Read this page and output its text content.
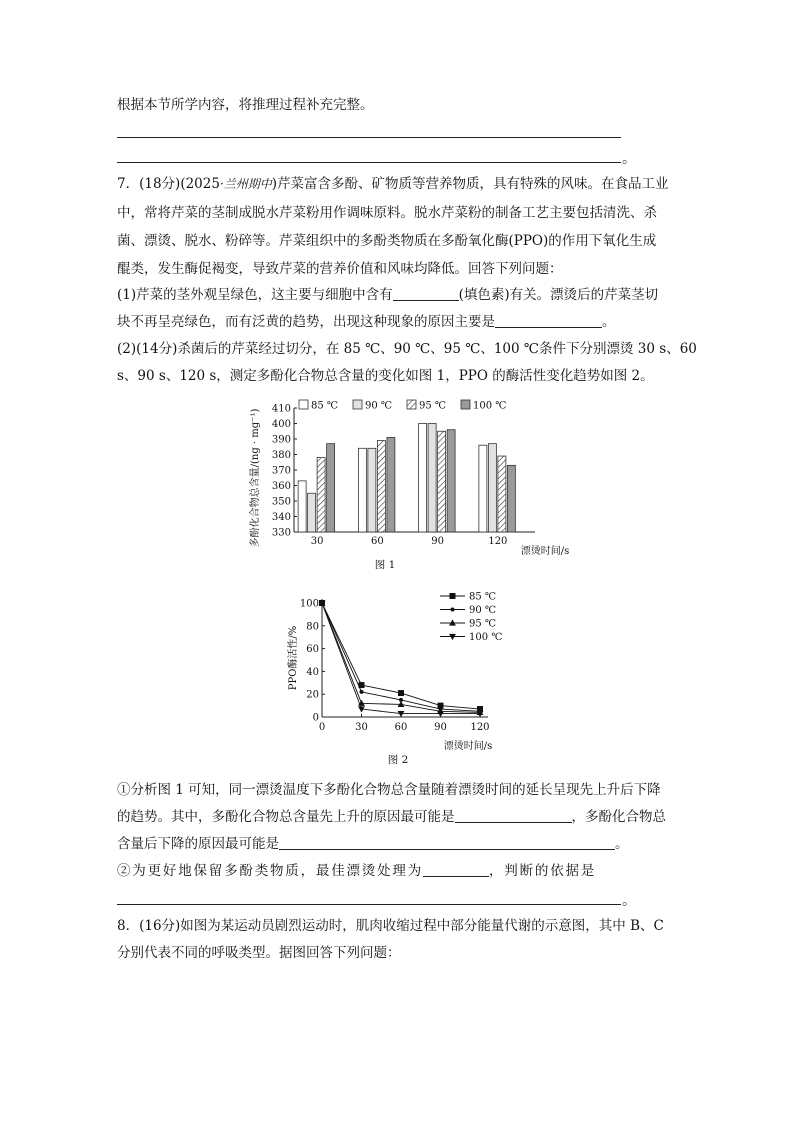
根据本节所学内容，将推理过程补充完整。
。
7．(18分)(2025·兰州期中)芹菜富含多酚、矿物质等营养物质，具有特殊的风味。在食品工业
中，常将芹菜的茎制成脱水芹菜粉用作调味原料。脱水芹菜粉的制备工艺主要包括清洗、杀
菌、漂烫、脱水、粉碎等。芹菜组织中的多酚类物质在多酚氧化酶(PPO)的作用下氧化生成
醌类，发生酶促褐变，导致芹菜的营养价值和风味均降低。回答下列问题：
(1)芹菜的茎外观呈绿色，这主要与细胞中含有	(填色素)有关。漂烫后的芹菜茎切
块不再呈亮绿色，而有泛黄的趋势，出现这种现象的原因主要是	。
(2)(14分)杀菌后的芹菜经过切分，在 85 ℃、90 ℃、95 ℃、100 ℃条件下分别漂烫 30 s、60
s、90 s、120 s，测定多酚化合物总含量的变化如图 1，PPO 的酶活性变化趋势如图 2。
85 ℃	90 ℃	95 ℃	100 ℃
330
340
350
360
370
380
390
400
410
30	60	90	120
多酚化合物总含量/(ng · mg⁻¹)
漂烫时间/s
图 1
85 ℃
90 ℃
95 ℃
100 ℃
0
20
40
60
80
100
0	30	60	90 120
PPO酶活性/%
漂烫时间/s
图 2
①分析图 1 可知，同一漂烫温度下多酚化合物总含量随着漂烫时间的延长呈现先上升后下降
的趋势。其中，多酚化合物总含量先上升的原因最可能是	，多酚化合物总
含量后下降的原因最可能是	。
②为更好地保留多酚类物质，最佳漂烫处理为	，判断的依据是
。
8．(16分)如图为某运动员剧烈运动时，肌肉收缩过程中部分能量代谢的示意图，其中 B、C
分别代表不同的呼吸类型。据图回答下列问题：
